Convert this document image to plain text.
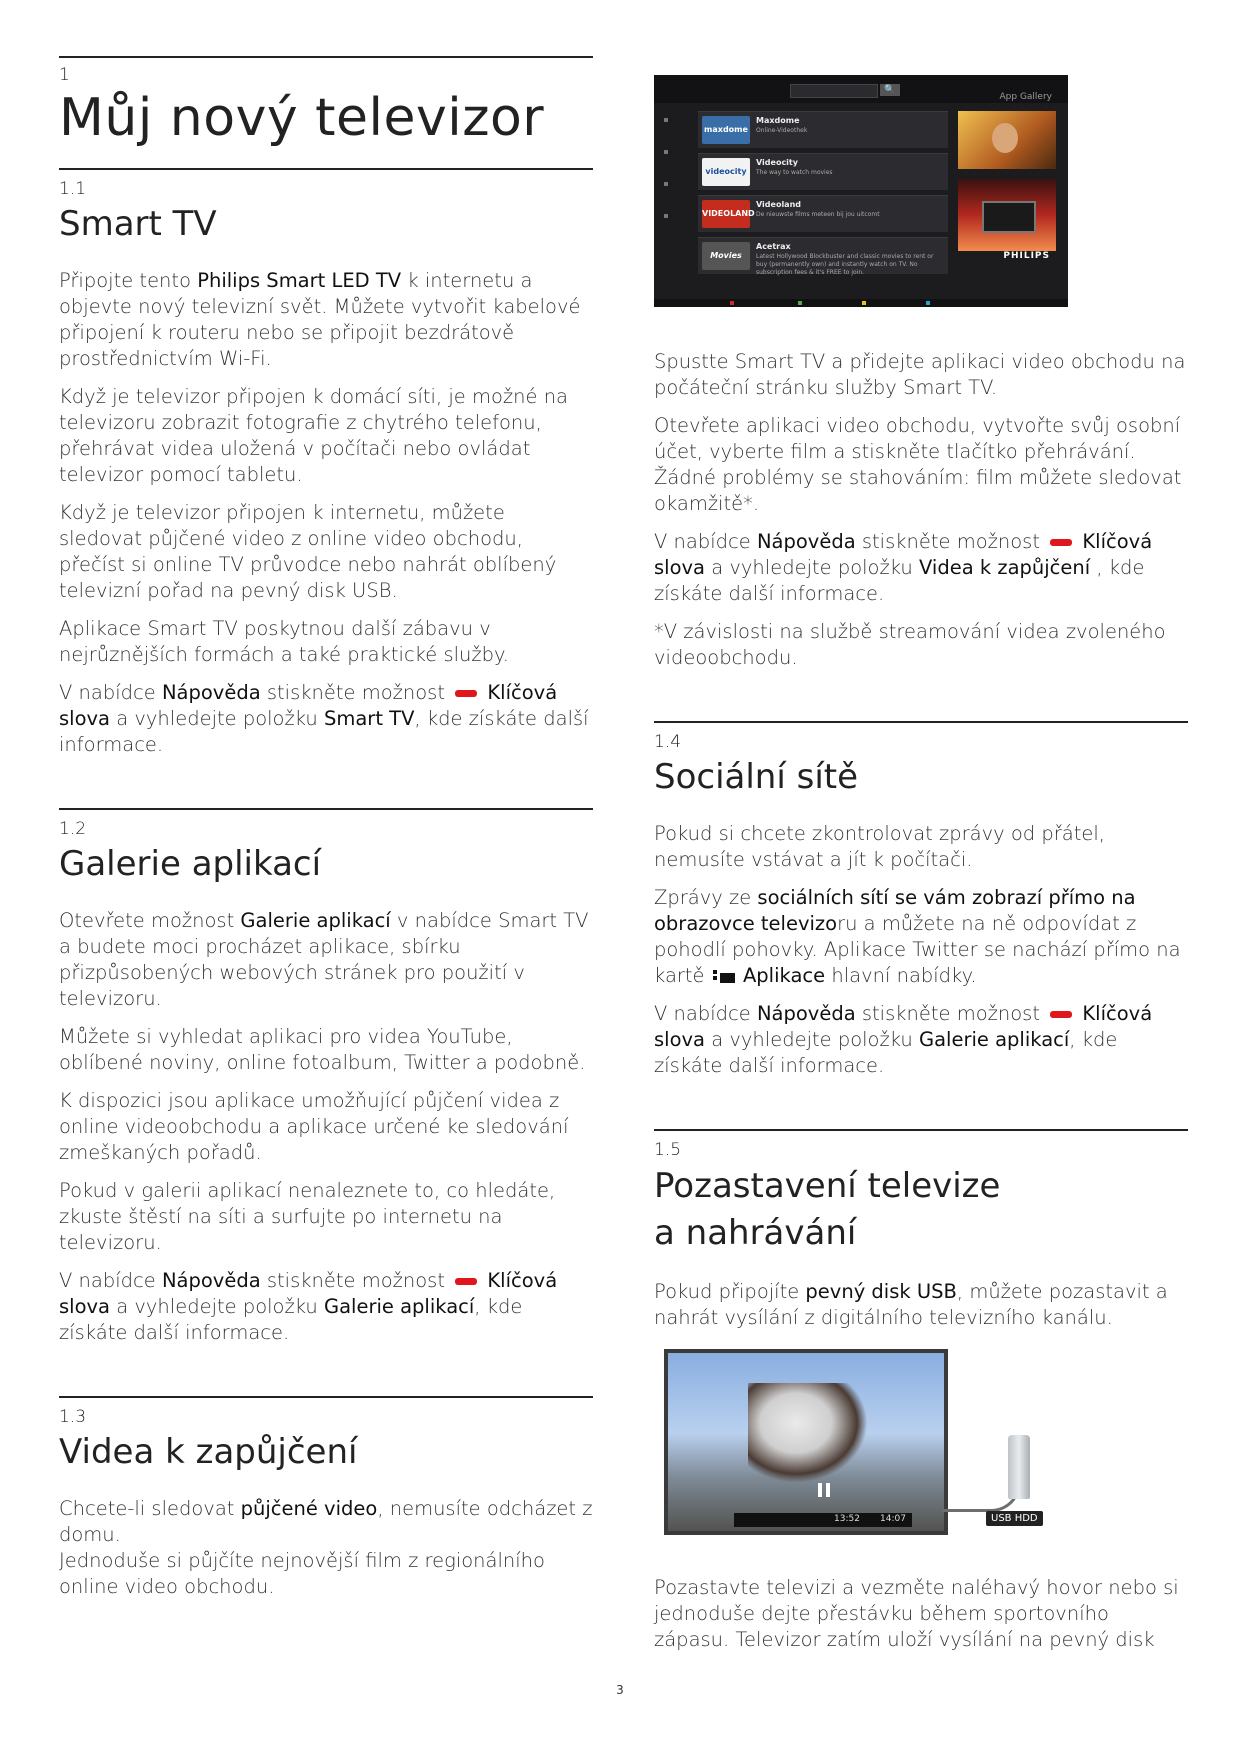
1
Můj nový televizor
1.1
Smart TV

Připojte tento Philips Smart LED TV k internetu a objevte nový televizní svět. Můžete vytvořit kabelové připojení k routeru nebo se připojit bezdrátově prostřednictvím Wi-Fi.

Když je televizor připojen k domácí síti, je možné na televizoru zobrazit fotografie z chytrého telefonu, přehrávat videa uložená v počítači nebo ovládat televizor pomocí tabletu.

Když je televizor připojen k internetu, můžete sledovat půjčené video z online video obchodu, přečíst si online TV průvodce nebo nahrát oblíbený televizní pořad na pevný disk USB.

Aplikace Smart TV poskytnou další zábavu v nejrůznějších formách a také praktické služby.

V nabídce Nápověda stiskněte možnost  Klíčová slova a vyhledejte položku Smart TV, kde získáte další informace.

1.2
Galerie aplikací

Otevřete možnost Galerie aplikací v nabídce Smart TV a budete moci procházet aplikace, sbírku přizpůsobených webových stránek pro použití v televizoru.

Můžete si vyhledat aplikaci pro videa YouTube, oblíbené noviny, online fotoalbum, Twitter a podobně.

K dispozici jsou aplikace umožňující půjčení videa z online videoobchodu a aplikace určené ke sledování zmeškaných pořadů.

Pokud v galerii aplikací nenaleznete to, co hledáte, zkuste štěstí na síti a surfujte po internetu na televizoru.

V nabídce Nápověda stiskněte možnost  Klíčová slova a vyhledejte položku Galerie aplikací, kde získáte další informace.

1.3
Videa k zapůjčení

Chcete-li sledovat půjčené video, nemusíte odcházet z domu.
Jednoduše si půjčíte nejnovější film z regionálního online video obchodu.

🔍
App Gallery
maxdome
Maxdome
Online-Videothek
videocity
Videocity
The way to watch movies
VIDEOLAND
Videoland
De nieuwste films meteen bij jou uitcomt
Movies
Acetrax
Latest Hollywood Blockbuster and classic movies to rent or buy (permanently own) and instantly watch on TV. No subscription fees & it's FREE to join.
PHILIPS

Spustte Smart TV a přidejte aplikaci video obchodu na počáteční stránku služby Smart TV.

Otevřete aplikaci video obchodu, vytvořte svůj osobní účet, vyberte film a stiskněte tlačítko přehrávání. Žádné problémy se stahováním: film můžete sledovat okamžitě*.

V nabídce Nápověda stiskněte možnost  Klíčová slova a vyhledejte položku Videa k zapůjčení , kde získáte další informace.

*V závislosti na službě streamování videa zvoleného videoobchodu.

1.4
Sociální sítě

Pokud si chcete zkontrolovat zprávy od přátel, nemusíte vstávat a jít k počítači.

Zprávy ze sociálních sítí se vám zobrazí přímo na obrazovce televizoru a můžete na ně odpovídat z pohodlí pohovky. Aplikace Twitter se nachází přímo na kartě
Aplikace hlavní nabídky.

V nabídce Nápověda stiskněte možnost  Klíčová slova a vyhledejte položku Galerie aplikací, kde získáte další informace.

1.5
Pozastavení televize
a nahrávání

Pokud připojíte pevný disk USB, můžete pozastavit a nahrát vysílání z digitálního televizního kanálu.

13:52 14:07	USB HDD

Pozastavte televizi a vezměte naléhavý hovor nebo si jednoduše dejte přestávku během sportovního zápasu. Televizor zatím uloží vysílání na pevný disk

3
